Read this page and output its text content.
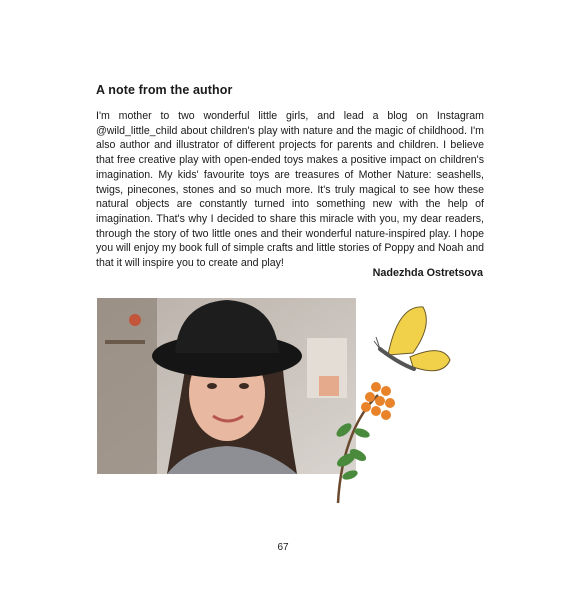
A note from the author
I'm mother to two wonderful little girls, and lead a blog on Instagram @wild_little_child about children's play with nature and the magic of childhood. I'm also author and illustrator of different projects for parents and children. I believe that free creative play with open-ended toys makes a positive impact on children's imagination. My kids' favourite toys are treasures of Mother Nature: seashells, twigs, pinecones, stones and so much more. It's truly magical to see how these natural objects are constantly turned into something new with the help of imagination. That's why I decided to share this miracle with you, my dear readers, through the story of two little ones and their wonderful nature-inspired play. I hope you will enjoy my book full of simple crafts and little stories of Poppy and Noah and that it will inspire you to create and play!
Nadezhda Ostretsova
67
